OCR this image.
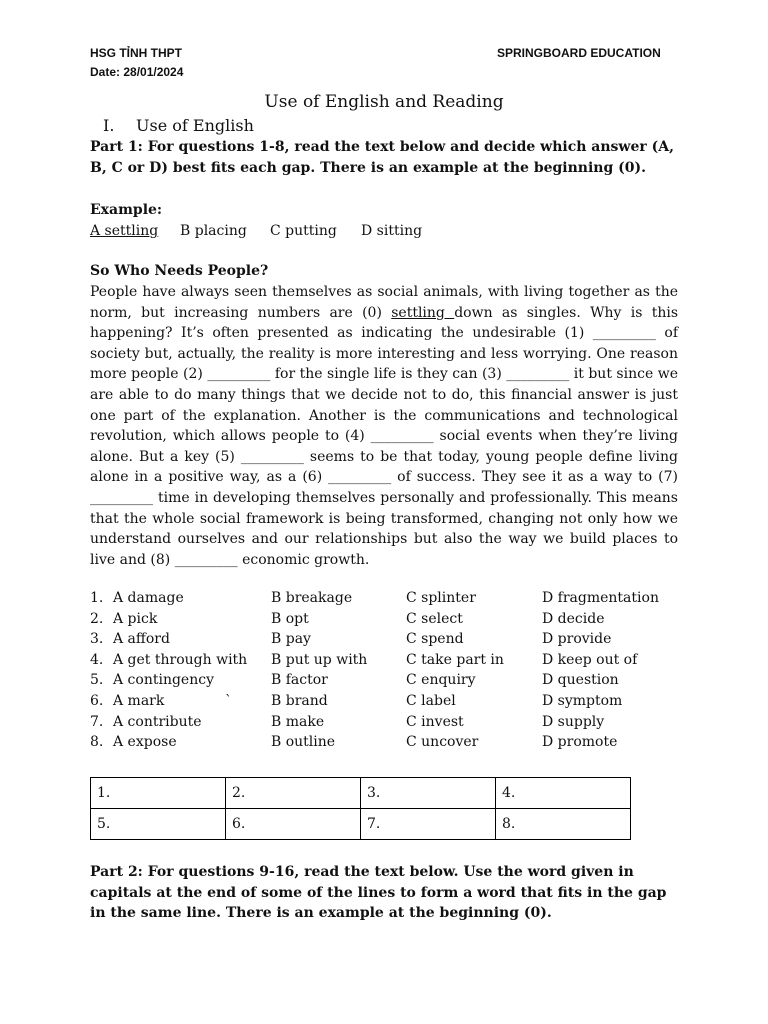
HSG TỈNH THPT
Date: 28/01/2024
SPRINGBOARD EDUCATION
Use of English and Reading
I. Use of English
Part 1: For questions 1-8, read the text below and decide which answer (A, B, C or D) best fits each gap. There is an example at the beginning (0).
Example:
A settling B placing C putting D sitting
So Who Needs People?
People have always seen themselves as social animals, with living together as the norm, but increasing numbers are (0) settling down as singles. Why is this happening? It’s often presented as indicating the undesirable (1) _________ of society but, actually, the reality is more interesting and less worrying. One reason more people (2) _________ for the single life is they can (3) _________ it but since we are able to do many things that we decide not to do, this financial answer is just one part of the explanation. Another is the communications and technological revolution, which allows people to (4) _________ social events when they’re living alone. But a key (5) _________ seems to be that today, young people define living alone in a positive way, as a (6) _________ of success. They see it as a way to (7) _________ time in developing themselves personally and professionally. This means that the whole social framework is being transformed, changing not only how we understand ourselves and our relationships but also the way we build places to live and (8) _________ economic growth.
1. A damage	B breakage	C splinter	D fragmentation
2. A pick	B opt	C select	D decide
3. A afford	B pay	C spend	D provide
4. A get through with B put up with	C take part in	D keep out of
5. A contingency	B factor	C enquiry	D question
6. A mark	B brand	C label	D symptom
7. A contribute	B make	C invest	D supply
8. A expose	B outline	C uncover	D promote
`
1.	2.	3.	4.
5.	6.	7.	8.
Part 2: For questions 9-16, read the text below. Use the word given in capitals at the end of some of the lines to form a word that fits in the gap in the same line. There is an example at the beginning (0).
